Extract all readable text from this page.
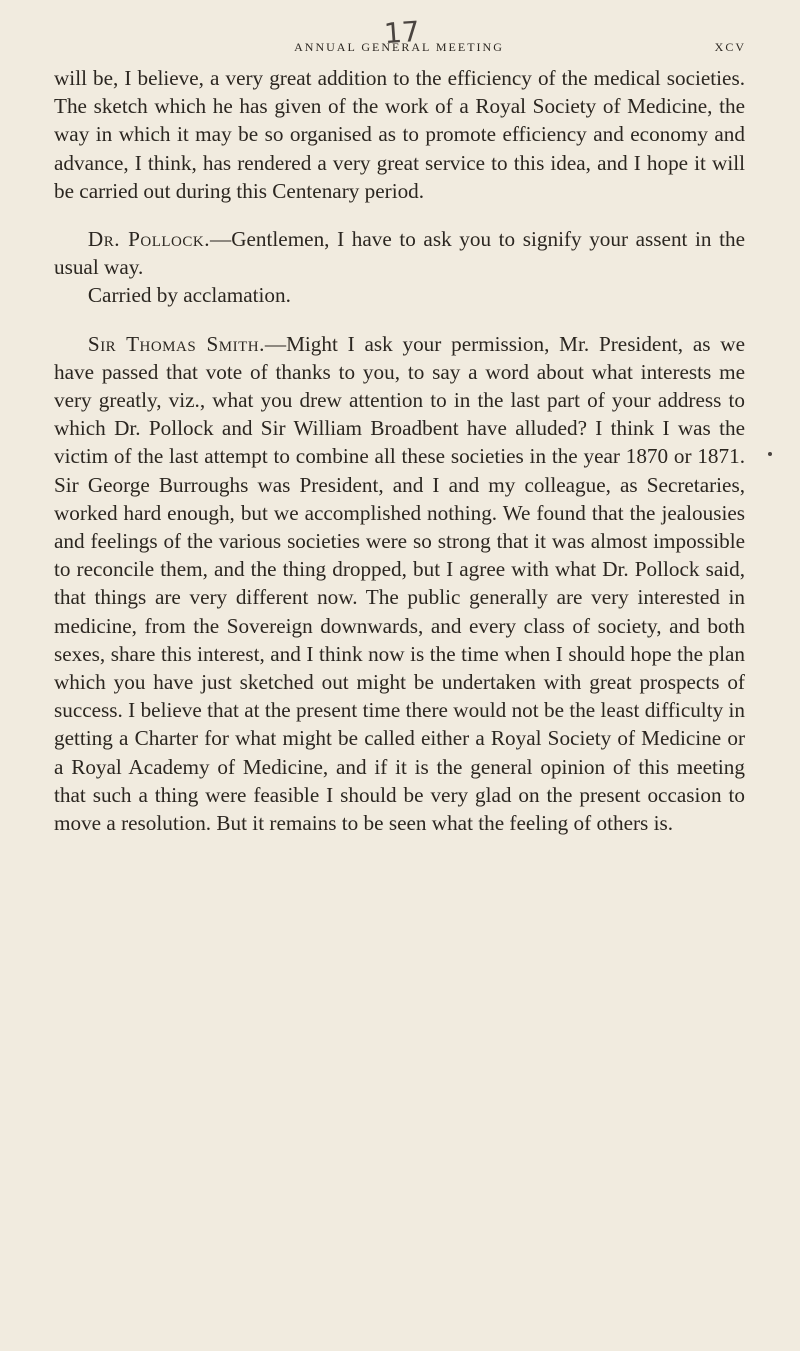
17
ANNUAL GENERAL MEETING	XCV

will be, I believe, a very great addition to the efficiency of the medical societies. The sketch which he has given of the work of a Royal Society of Medicine, the way in which it may be so organised as to promote efficiency and economy and advance, I think, has rendered a very great service to this idea, and I hope it will be carried out during this Centenary period.

Dr. Pollock.—Gentlemen, I have to ask you to signify your assent in the usual way.

Carried by acclamation.

Sir Thomas Smith.—Might I ask your permission, Mr. President, as we have passed that vote of thanks to you, to say a word about what interests me very greatly, viz., what you drew attention to in the last part of your address to which Dr. Pollock and Sir William Broadbent have alluded? I think I was the victim of the last attempt to combine all these societies in the year 1870 or 1871. Sir George Burroughs was President, and I and my colleague, as Secretaries, worked hard enough, but we accomplished nothing. We found that the jealousies and feelings of the various societies were so strong that it was almost impossible to reconcile them, and the thing dropped, but I agree with what Dr. Pollock said, that things are very different now. The public generally are very interested in medicine, from the Sovereign downwards, and every class of society, and both sexes, share this interest, and I think now is the time when I should hope the plan which you have just sketched out might be undertaken with great prospects of success. I believe that at the present time there would not be the least difficulty in getting a Charter for what might be called either a Royal Society of Medicine or a Royal Academy of Medicine, and if it is the general opinion of this meeting that such a thing were feasible I should be very glad on the present occasion to move a resolution. But it remains to be seen what the feeling of others is.
